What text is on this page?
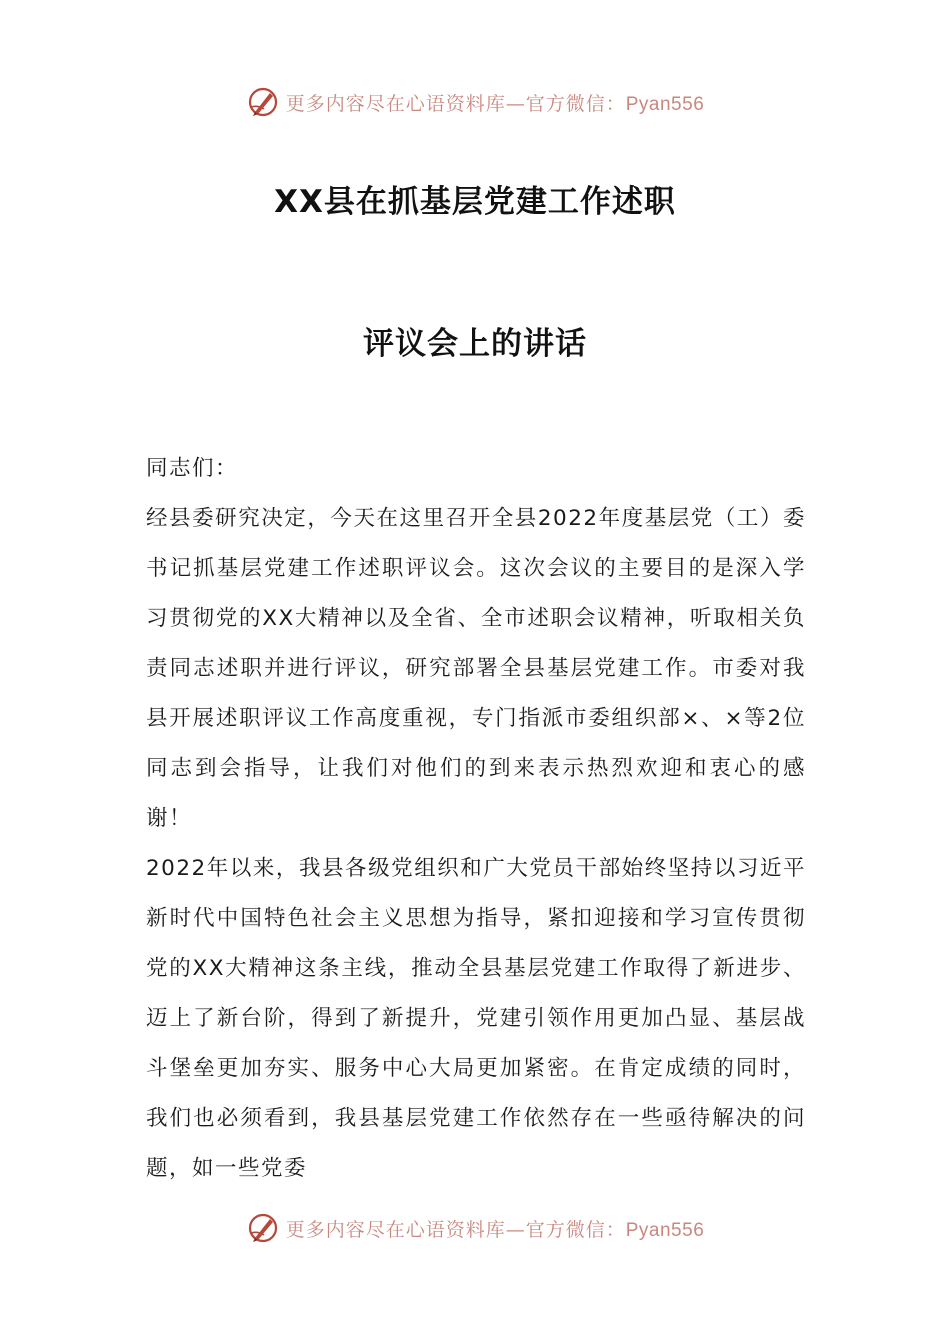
更多内容尽在心语资料库—官方微信：Pyan556
XX县在抓基层党建工作述职
评议会上的讲话

同志们：

经县委研究决定，今天在这里召开全县2022年度基层党（工）委书记抓基层党建工作述职评议会。这次会议的主要目的是深入学习贯彻党的XX大精神以及全省、全市述职会议精神，听取相关负责同志述职并进行评议，研究部署全县基层党建工作。市委对我县开展述职评议工作高度重视，专门指派市委组织部×、×等2位同志到会指导，让我们对他们的到来表示热烈欢迎和衷心的感谢！

2022年以来，我县各级党组织和广大党员干部始终坚持以习近平新时代中国特色社会主义思想为指导，紧扣迎接和学习宣传贯彻党的XX大精神这条主线，推动全县基层党建工作取得了新进步、迈上了新台阶，得到了新提升，党建引领作用更加凸显、基层战斗堡垒更加夯实、服务中心大局更加紧密。在肯定成绩的同时，我们也必须看到，我县基层党建工作依然存在一些亟待解决的问题，如一些党委

更多内容尽在心语资料库—官方微信：Pyan556
